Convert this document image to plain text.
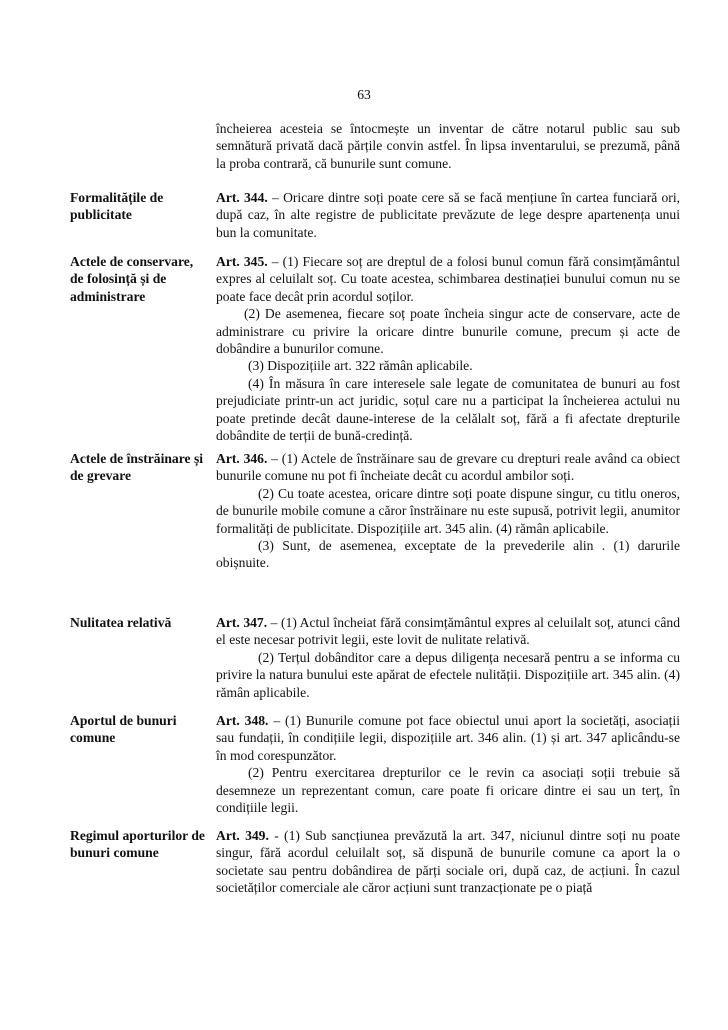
63
încheierea acesteia se întocmește un inventar de către notarul public sau sub semnătură privată dacă părțile convin astfel. În lipsa inventarului, se prezumă, până la proba contrară, că bunurile sunt comune.
Formalitățile de publicitate

Art. 344. – Oricare dintre soți poate cere să se facă mențiune în cartea funciară ori, după caz, în alte registre de publicitate prevăzute de lege despre apartenența unui bun la comunitate.

Actele de conservare, de folosință și de administrare

Art. 345. – (1) Fiecare soț are dreptul de a folosi bunul comun fără consimțământul expres al celuilalt soț. Cu toate acestea, schimbarea destinației bunului comun nu se poate face decât prin acordul soților.

(2) De asemenea, fiecare soț poate încheia singur acte de conservare, acte de administrare cu privire la oricare dintre bunurile comune, precum și acte de dobândire a bunurilor comune.

(3) Dispozițiile art. 322 rămân aplicabile.

(4) În măsura în care interesele sale legate de comunitatea de bunuri au fost prejudiciate printr-un act juridic, soțul care nu a participat la încheierea actului nu poate pretinde decât daune-interese de la celălalt soț, fără a fi afectate drepturile dobândite de terții de bună-credință.

Actele de înstrăinare și de grevare

Art. 346. – (1) Actele de înstrăinare sau de grevare cu drepturi reale având ca obiect bunurile comune nu pot fi încheiate decât cu acordul ambilor soți.

(2) Cu toate acestea, oricare dintre soți poate dispune singur, cu titlu oneros, de bunurile mobile comune a căror înstrăinare nu este supusă, potrivit legii, anumitor formalități de publicitate. Dispozițiile art. 345 alin. (4) rămân aplicabile.

(3) Sunt, de asemenea, exceptate de la prevederile alin . (1) darurile obișnuite.

Nulitatea relativă	Art. 347. – (1) Actul încheiat fără consimțământul expres al celuilalt soț, atunci când el este necesar potrivit legii, este lovit de nulitate relativă.

(2) Terțul dobânditor care a depus diligența necesară pentru a se informa cu privire la natura bunului este apărat de efectele nulității. Dispozițiile art. 345 alin. (4) rămân aplicabile.

Aportul de bunuri comune

Art. 348. – (1) Bunurile comune pot face obiectul unui aport la societăți, asociații sau fundații, în condițiile legii, dispozițiile art. 346 alin. (1) și art. 347 aplicându-se în mod corespunzător.

(2) Pentru exercitarea drepturilor ce le revin ca asociați soții trebuie să desemneze un reprezentant comun, care poate fi oricare dintre ei sau un terț, în condițiile legii.

Regimul aporturilor de bunuri comune

Art. 349. - (1) Sub sancțiunea prevăzută la art. 347, niciunul dintre soți nu poate singur, fără acordul celuilalt soț, să dispună de bunurile comune ca aport la o societate sau pentru dobândirea de părți sociale ori, după caz, de acțiuni. În cazul societăților comerciale ale căror acțiuni sunt tranzacționate pe o piață
